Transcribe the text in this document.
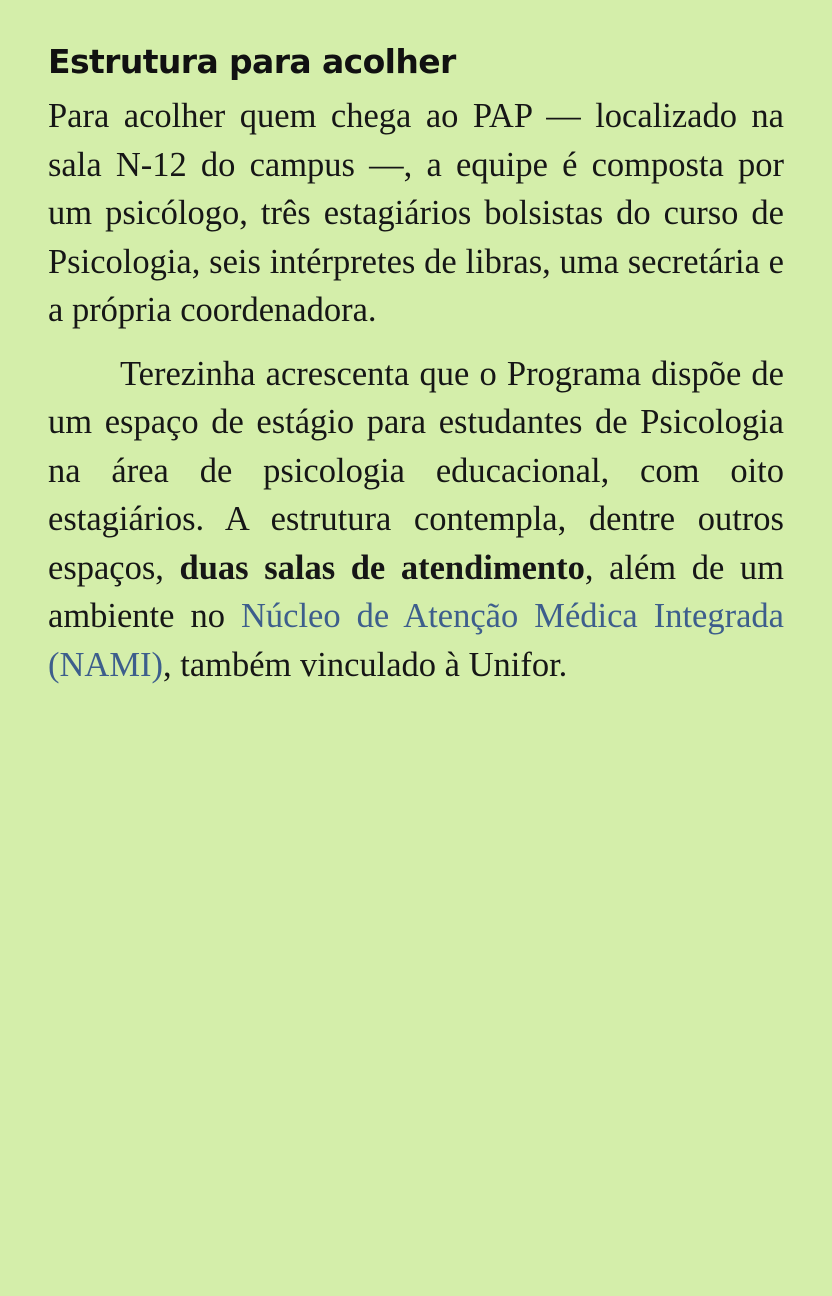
Estrutura para acolher

Para acolher quem chega ao PAP — localizado na sala N-12 do campus —, a equipe é composta por um psicólogo, três estagiários bolsistas do curso de Psicologia, seis intérpretes de libras, uma secretária e a própria coordenadora.

Terezinha acrescenta que o Programa dispõe de um espaço de estágio para estudantes de Psicologia na área de psicologia educacional, com oito estagiários. A estrutura contempla, dentre outros espaços, duas salas de atendimento, além de um ambiente no Núcleo de Atenção Médica Integrada (NAMI), também vinculado à Unifor.
